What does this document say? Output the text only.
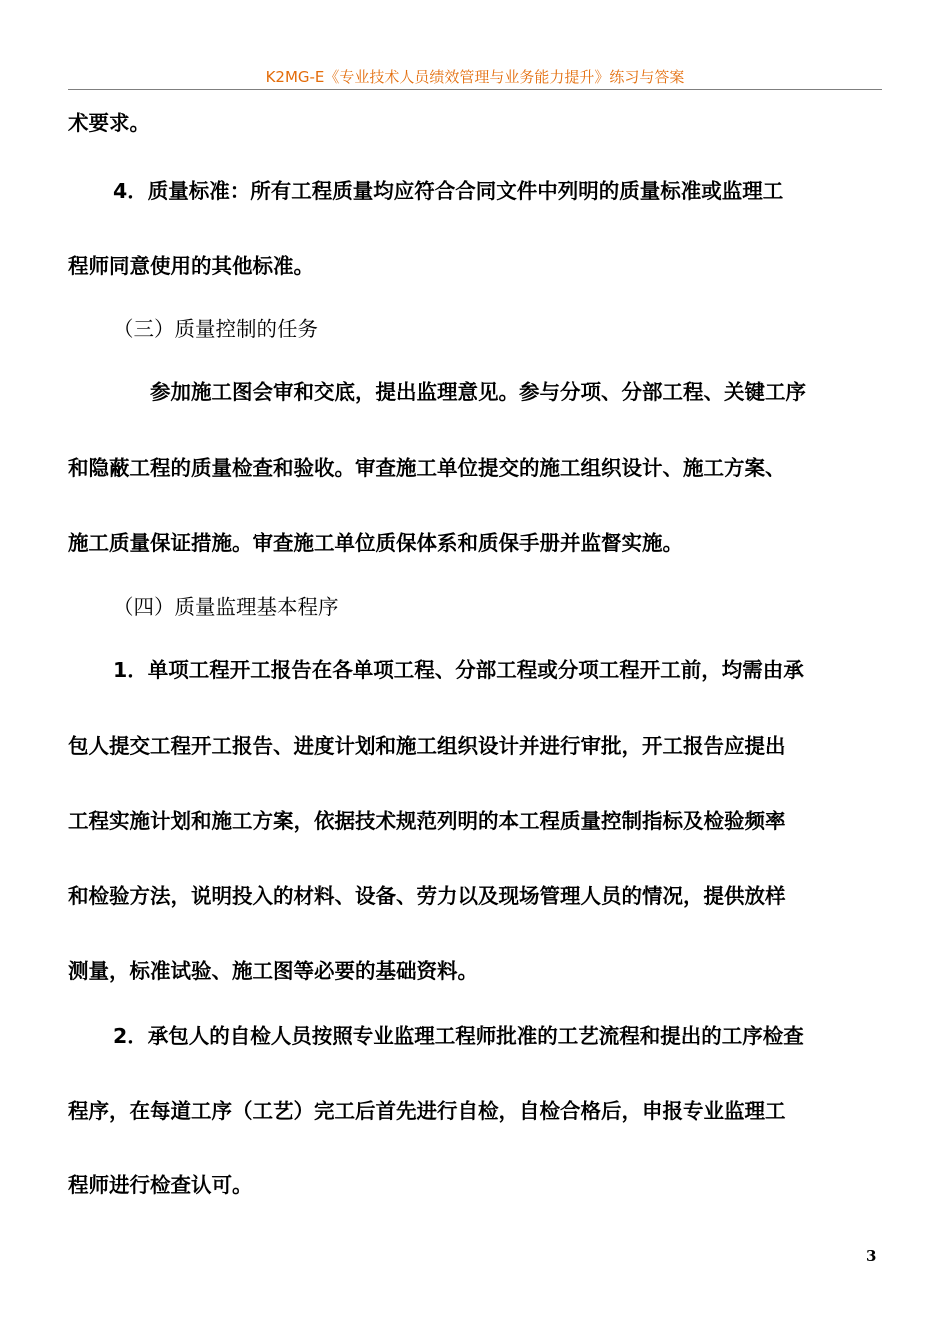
K2MG-E《专业技术人员绩效管理与业务能力提升》练习与答案
术要求。
4．质量标准：所有工程质量均应符合合同文件中列明的质量标准或监理工
程师同意使用的其他标准。
（三）质量控制的任务
参加施工图会审和交底，提出监理意见。参与分项、分部工程、关键工序
和隐蔽工程的质量检查和验收。审查施工单位提交的施工组织设计、施工方案、
施工质量保证措施。审查施工单位质保体系和质保手册并监督实施。
（四）质量监理基本程序
1．单项工程开工报告在各单项工程、分部工程或分项工程开工前，均需由承
包人提交工程开工报告、进度计划和施工组织设计并进行审批，开工报告应提出
工程实施计划和施工方案，依据技术规范列明的本工程质量控制指标及检验频率
和检验方法，说明投入的材料、设备、劳力以及现场管理人员的情况，提供放样
测量，标准试验、施工图等必要的基础资料。
2．承包人的自检人员按照专业监理工程师批准的工艺流程和提出的工序检查
程序，在每道工序（工艺）完工后首先进行自检，自检合格后，申报专业监理工
程师进行检查认可。
3
